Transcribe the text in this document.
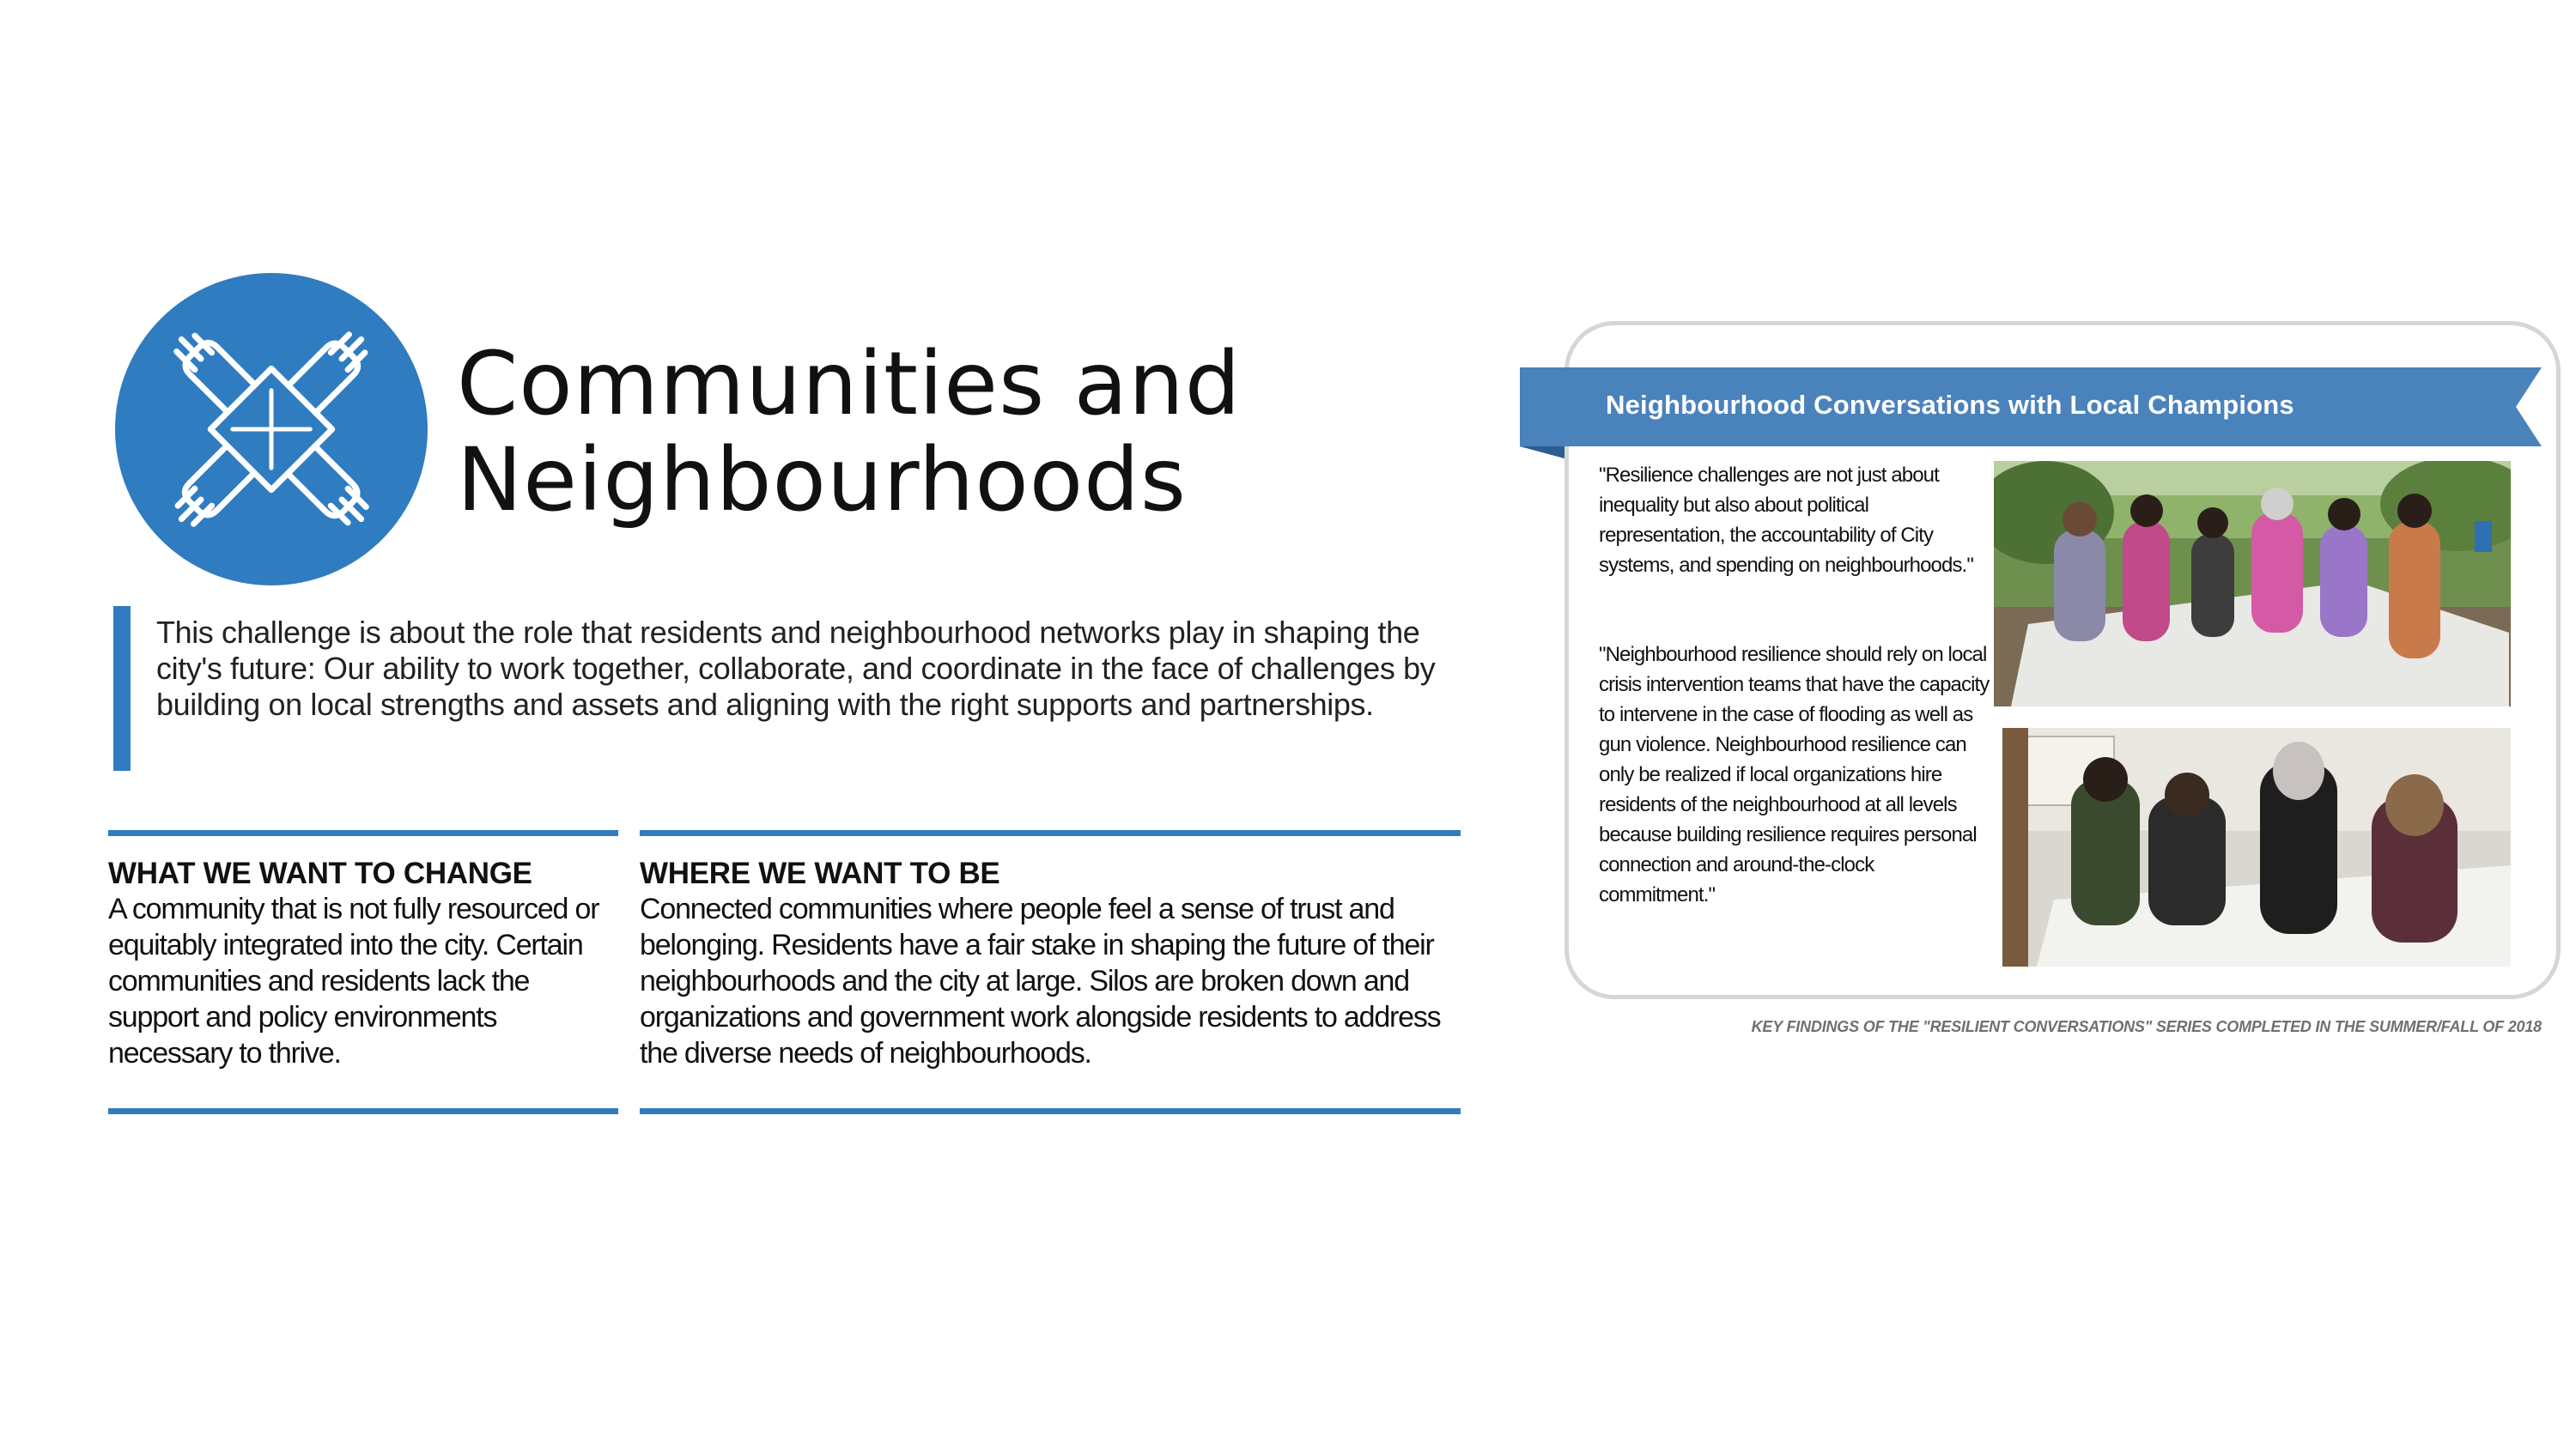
Communities and
Neighbourhoods
This challenge is about the role that residents and neighbourhood networks play in shaping the city's future: Our ability to work together, collaborate, and coordinate in the face of challenges by building on local strengths and assets and aligning with the right supports and partnerships.
WHAT WE WANT TO CHANGE
A community that is not fully resourced or equitably integrated into the city. Certain communities and residents lack the support and policy environments necessary to thrive.
WHERE WE WANT TO BE
Connected communities where people feel a sense of trust and belonging. Residents have a fair stake in shaping the future of their neighbourhoods and the city at large. Silos are broken down and organizations and government work alongside residents to address the diverse needs of neighbourhoods.
Neighbourhood Conversations with Local Champions
"Resilience challenges are not just about inequality but also about political representation, the accountability of City systems, and spending on neighbourhoods."
"Neighbourhood resilience should rely on local crisis intervention teams that have the capacity to intervene in the case of flooding as well as gun violence. Neighbourhood resilience can only be realized if local organizations hire residents of the neighbourhood at all levels because building resilience requires personal connection and around-the-clock commitment."
KEY FINDINGS OF THE "RESILIENT CONVERSATIONS" SERIES COMPLETED IN THE SUMMER/FALL OF 2018
